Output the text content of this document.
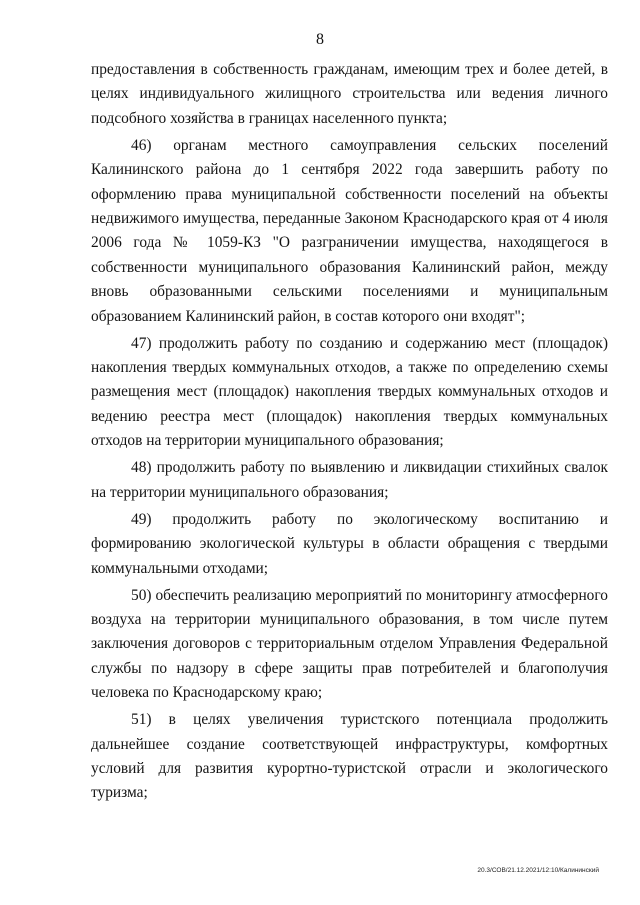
8

предоставления в собственность гражданам, имеющим трех и более детей, в целях индивидуального жилищного строительства или ведения личного подсобного хозяйства в границах населенного пункта;

46) органам местного самоуправления сельских поселений Калининского района до 1 сентября 2022 года завершить работу по оформлению права муниципальной собственности поселений на объекты недвижимого имущества, переданные Законом Краснодарского края от 4 июля 2006 года № 1059-КЗ "О разграничении имущества, находящегося в собственности муниципального образования Калининский район, между вновь образованными сельскими поселениями и муниципальным образованием Калининский район, в состав которого они входят";

47) продолжить работу по созданию и содержанию мест (площадок) накопления твердых коммунальных отходов, а также по определению схемы размещения мест (площадок) накопления твердых коммунальных отходов и ведению реестра мест (площадок) накопления твердых коммунальных отходов на территории муниципального образования;

48) продолжить работу по выявлению и ликвидации стихийных свалок на территории муниципального образования;

49) продолжить работу по экологическому воспитанию и формированию экологической культуры в области обращения с твердыми коммунальными отходами;

50) обеспечить реализацию мероприятий по мониторингу атмосферного воздуха на территории муниципального образования, в том числе путем заключения договоров с территориальным отделом Управления Федеральной службы по надзору в сфере защиты прав потребителей и благополучия человека по Краснодарскому краю;

51) в целях увеличения туристского потенциала продолжить дальнейшее создание соответствующей инфраструктуры, комфортных условий для развития курортно-туристской отрасли и экологического туризма;

20.3/СОВ/21.12.2021/12:10/Калининский
